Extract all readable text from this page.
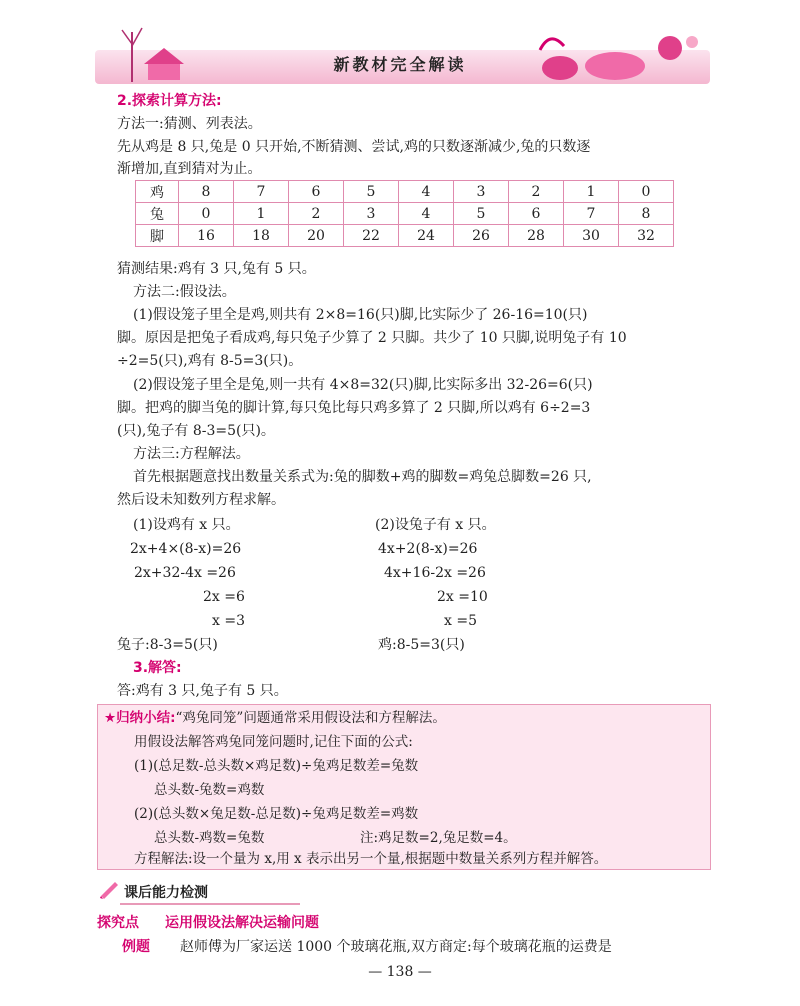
新教材完全解读
2.探索计算方法:
方法一:猜测、列表法。
先从鸡是 8 只,兔是 0 只开始,不断猜测、尝试,鸡的只数逐渐减少,兔的只数逐
渐增加,直到猜对为止。
鸡	8	7	6	5	4	3	2	1	0
兔	0	1	2	3	4	5	6	7	8
脚	16	18	20	22	24	26	28	30	32
猜测结果:鸡有 3 只,兔有 5 只。
方法二:假设法。
(1)假设笼子里全是鸡,则共有 2×8=16(只)脚,比实际少了 26-16=10(只)
脚。原因是把兔子看成鸡,每只兔子少算了 2 只脚。共少了 10 只脚,说明兔子有 10
÷2=5(只),鸡有 8-5=3(只)。
(2)假设笼子里全是兔,则一共有 4×8=32(只)脚,比实际多出 32-26=6(只)
脚。把鸡的脚当兔的脚计算,每只兔比每只鸡多算了 2 只脚,所以鸡有 6÷2=3
(只),兔子有 8-3=5(只)。
方法三:方程解法。
首先根据题意找出数量关系式为:兔的脚数+鸡的脚数=鸡兔总脚数=26 只,
然后设未知数列方程求解。
(1)设鸡有 x 只。
2x+4×(8-x)=26
2x+32-4x =26
2x =6
x =3
兔子:8-3=5(只)
(2)设兔子有 x 只。
4x+2(8-x)=26
4x+16-2x =26
2x =10
x =5
鸡:8-5=3(只)
3.解答:
答:鸡有 3 只,兔子有 5 只。
★归纳小结:“鸡兔同笼”问题通常采用假设法和方程解法。
用假设法解答鸡兔同笼问题时,记住下面的公式:
(1)(总足数-总头数×鸡足数)÷兔鸡足数差=兔数
总头数-兔数=鸡数
(2)(总头数×兔足数-总足数)÷兔鸡足数差=鸡数
总头数-鸡数=兔数	注:鸡足数=2,兔足数=4。
方程解法:设一个量为 x,用 x 表示出另一个量,根据题中数量关系列方程并解答。
课后能力检测
探究点 运用假设法解决运输问题
例题 赵师傅为厂家运送 1000 个玻璃花瓶,双方商定:每个玻璃花瓶的运费是
— 138 —
